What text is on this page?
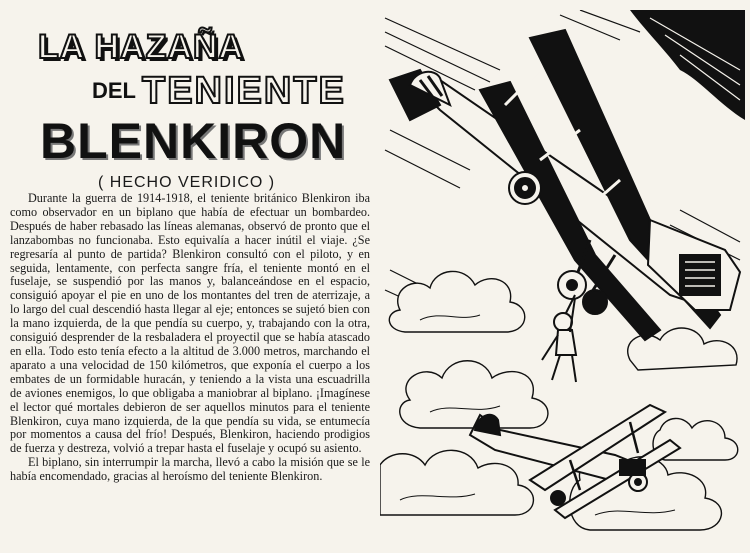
LA HAZAÑA
DEL TENIENTE
BLENKIRON
( HECHO VERIDICO )

Durante la guerra de 1914-1918, el teniente británico Blenkiron iba como observador en un biplano que había de efectuar un bombardeo. Después de haber rebasado las líneas alemanas, observó de pronto que el lanzabombas no funcionaba. Esto equivalía a hacer inútil el viaje. ¿Se regresaría al punto de partida? Blenkiron consultó con el piloto, y en seguida, lentamente, con perfecta sangre fría, el teniente montó en el fuselaje, se suspendió por las manos y, balanceándose en el espacio, consiguió apoyar el pie en uno de los montantes del tren de aterrizaje, a lo largo del cual descendió hasta llegar al eje; entonces se sujetó bien con la mano izquierda, de la que pendía su cuerpo, y, trabajando con la otra, consiguió desprender de la resbaladera el proyectil que se había atascado en ella. Todo esto tenía efecto a la altitud de 3.000 metros, marchando el aparato a una velocidad de 150 kilómetros, que exponía el cuerpo a los embates de un formidable huracán, y teniendo a la vista una escuadrilla de aviones enemigos, lo que obligaba a maniobrar al biplano. ¡Imagínese el lector qué mortales debieron de ser aquellos minutos para el teniente Blenkiron, cuya mano izquierda, de la que pendía su vida, se entumecía por momentos a causa del frío! Después, Blenkiron, haciendo prodigios de fuerza y destreza, volvió a trepar hasta el fuselaje y ocupó su asiento.

El biplano, sin interrumpir la marcha, llevó a cabo la misión que se le había encomendado, gracias al heroísmo del teniente Blenkiron.
